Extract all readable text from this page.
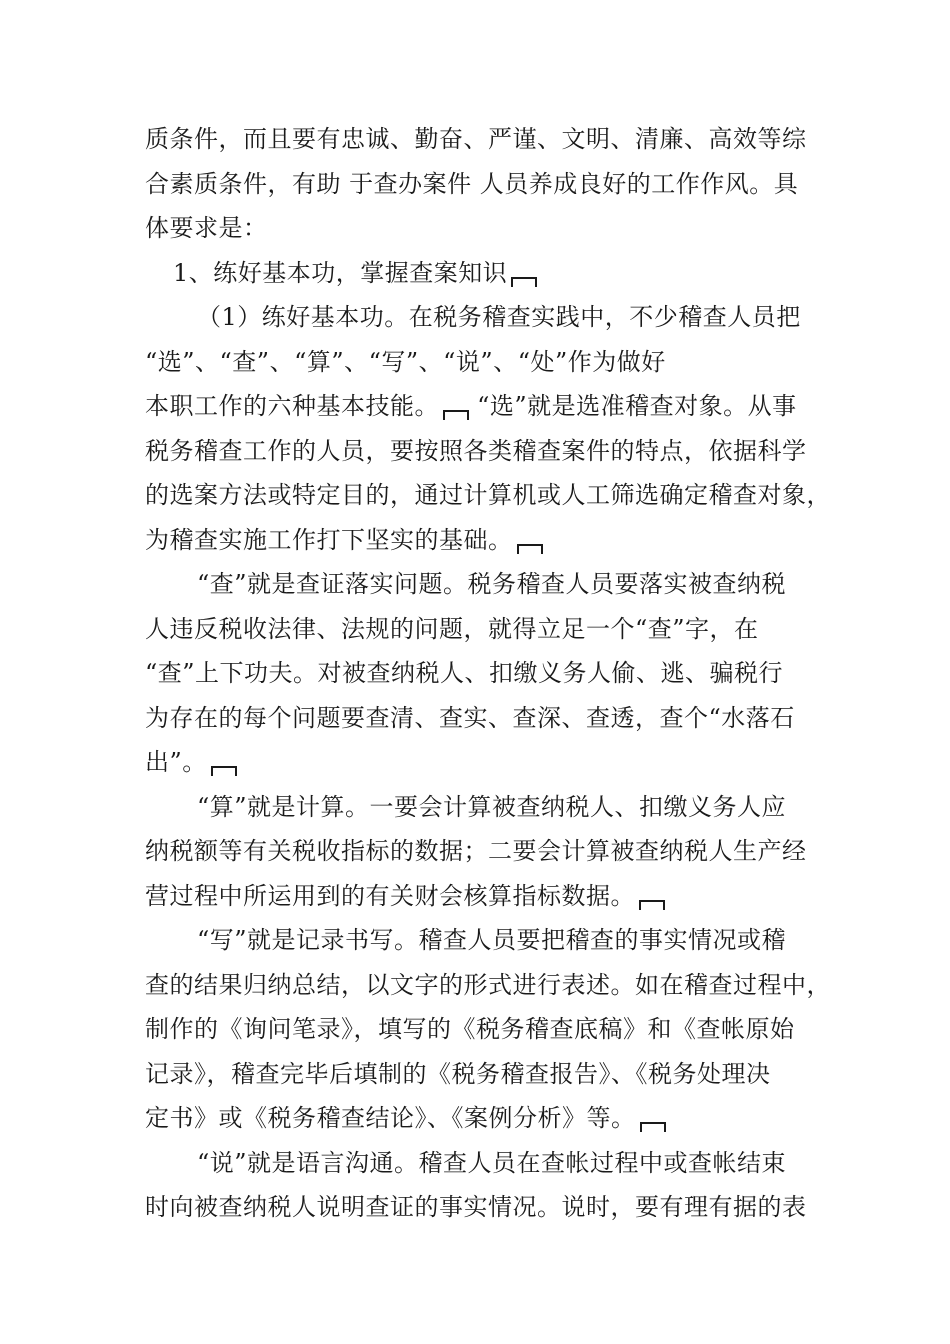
质条件，而且要有忠诚、勤奋、严谨、文明、清廉、高效等综
合素质条件，有助 于查办案件 人员养成良好的工作作风。具
体要求是：
1、练好基本功，掌握查案知识
（1）练好基本功。在税务稽查实践中，不少稽查人员把
“选”、“查”、“算”、“写”、“说”、“处”作为做好
本职工作的六种基本技能。 “选”就是选准稽查对象。从事
税务稽查工作的人员，要按照各类稽查案件的特点，依据科学
的选案方法或特定目的，通过计算机或人工筛选确定稽查对象，
为稽查实施工作打下坚实的基础。
“查”就是查证落实问题。税务稽查人员要落实被查纳税
人违反税收法律、法规的问题，就得立足一个“查”字，在
“查”上下功夫。对被查纳税人、扣缴义务人偷、逃、骗税行
为存在的每个问题要查清、查实、查深、查透，查个“水落石
出”。
“算”就是计算。一要会计算被查纳税人、扣缴义务人应
纳税额等有关税收指标的数据；二要会计算被查纳税人生产经
营过程中所运用到的有关财会核算指标数据。
“写”就是记录书写。稽查人员要把稽查的事实情况或稽
查的结果归纳总结，以文字的形式进行表述。如在稽查过程中，
制作的《询问笔录》，填写的《税务稽查底稿》和《查帐原始
记录》，稽查完毕后填制的《税务稽查报告》、《税务处理决
定书》或《税务稽查结论》、《案例分析》等。
“说”就是语言沟通。稽查人员在查帐过程中或查帐结束
时向被查纳税人说明查证的事实情况。说时，要有理有据的表
